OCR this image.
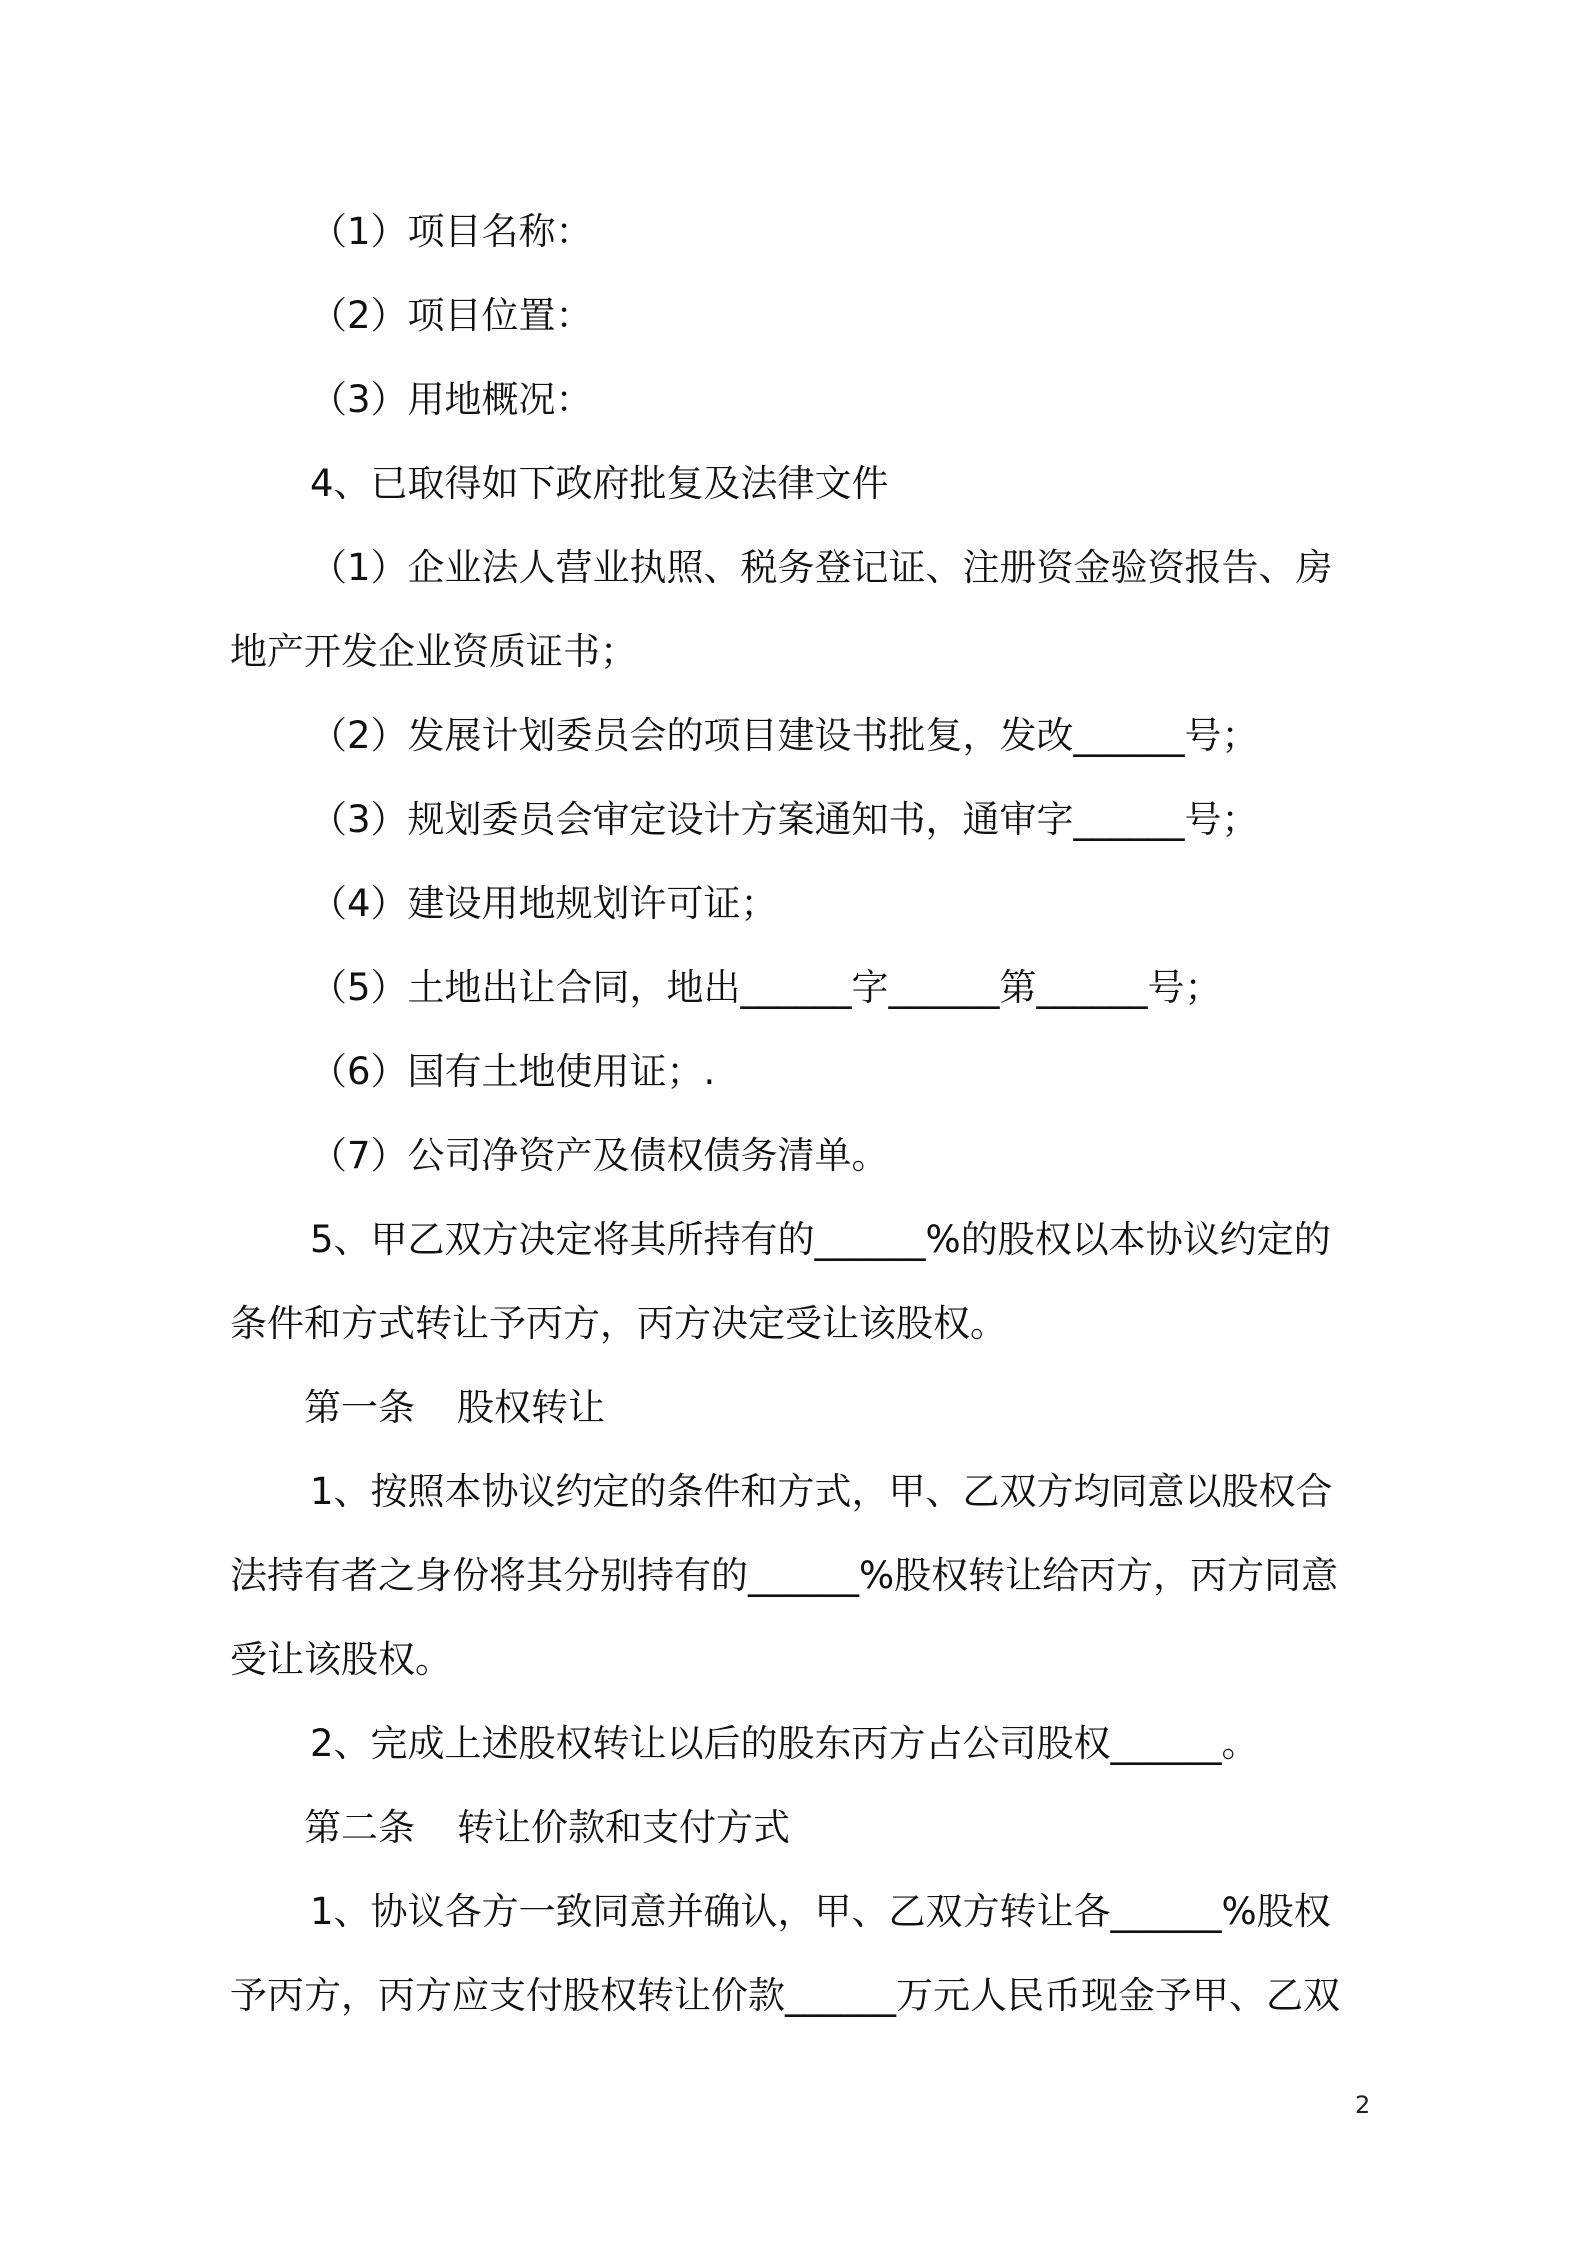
（1）项目名称：

（2）项目位置：

（3）用地概况：

4、已取得如下政府批复及法律文件

（1）企业法人营业执照、税务登记证、注册资金验资报告、房

地产开发企业资质证书；

（2）发展计划委员会的项目建设书批复，发改______号；

（3）规划委员会审定设计方案通知书，通审字______号；

（4）建设用地规划许可证；

（5）土地出让合同，地出______字______第______号；

（6）国有土地使用证；.

（7）公司净资产及债权债务清单。

5、甲乙双方决定将其所持有的______%的股权以本协议约定的

条件和方式转让予丙方，丙方决定受让该股权。

第一条 股权转让

1、按照本协议约定的条件和方式，甲、乙双方均同意以股权合

法持有者之身份将其分别持有的______%股权转让给丙方，丙方同意

受让该股权。

2、完成上述股权转让以后的股东丙方占公司股权______。

第二条 转让价款和支付方式

1、协议各方一致同意并确认，甲、乙双方转让各______%股权

予丙方，丙方应支付股权转让价款______万元人民币现金予甲、乙双

2
